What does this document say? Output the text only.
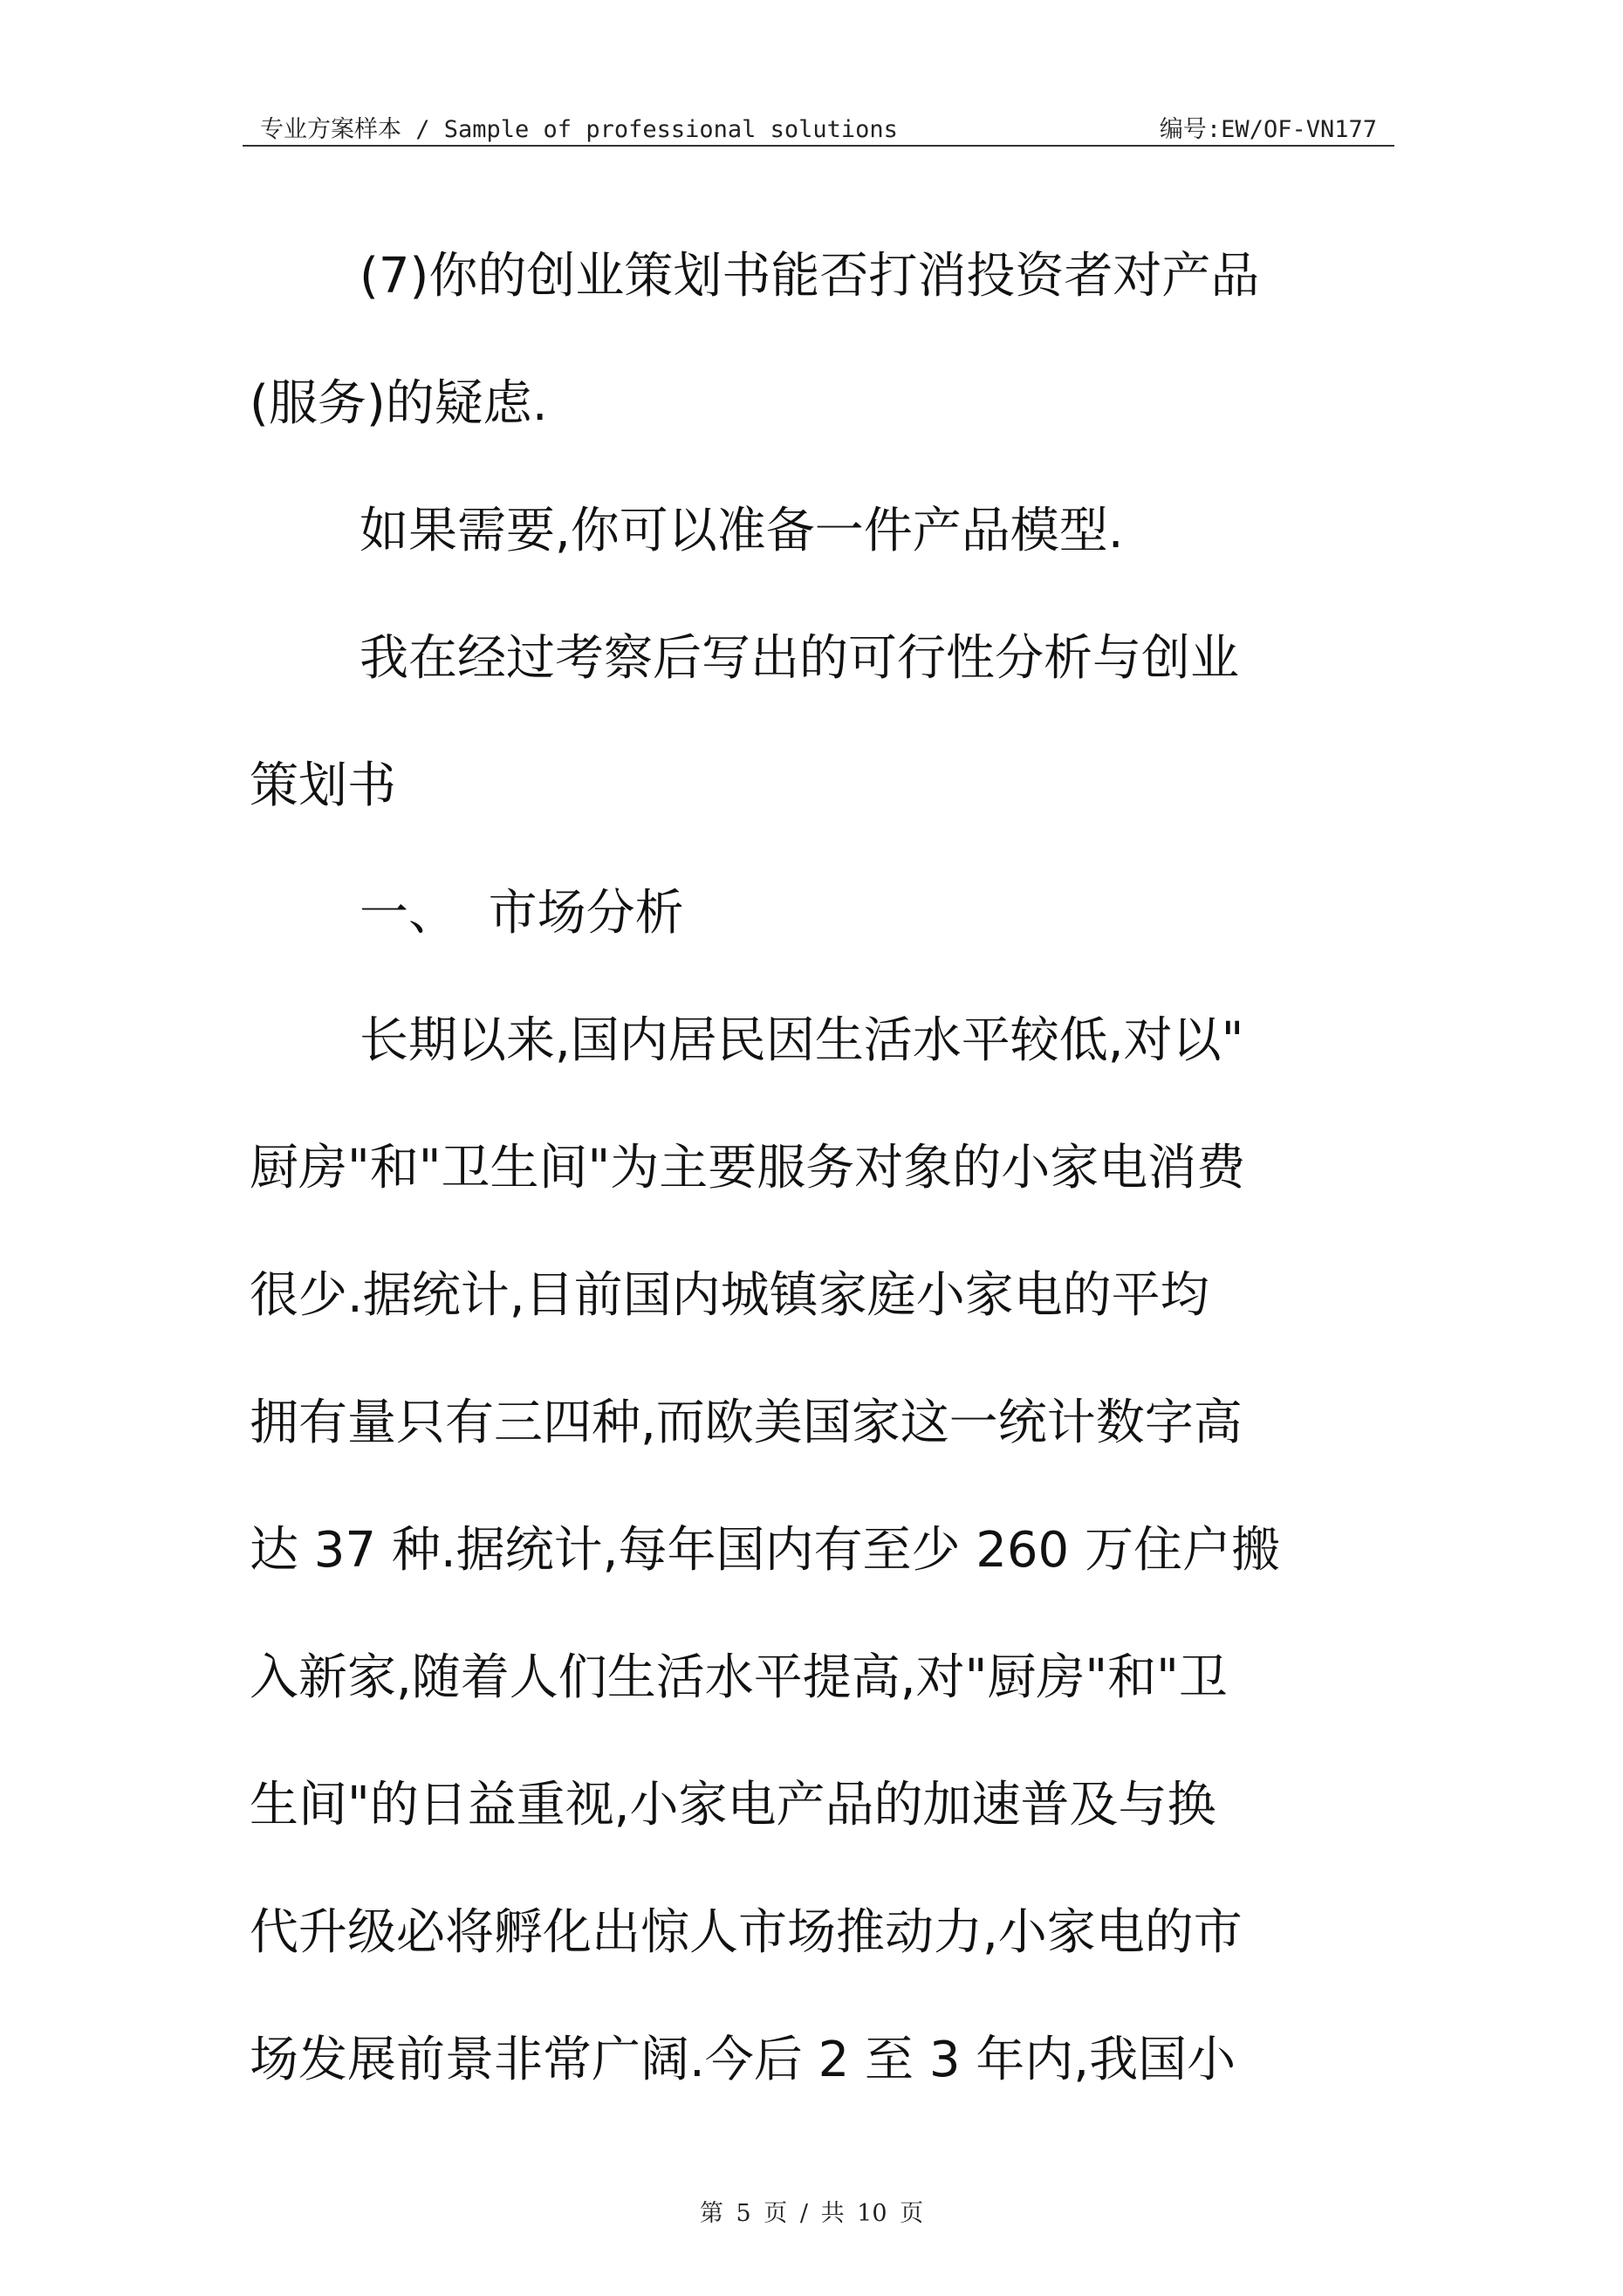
专业方案样本 / Sample of professional solutions	编号:EW/OF-VN177
(7)你的创业策划书能否打消投资者对产品
(服务)的疑虑.
如果需要,你可以准备一件产品模型.
我在经过考察后写出的可行性分析与创业
策划书
一、  市场分析
长期以来,国内居民因生活水平较低,对以"
厨房"和"卫生间"为主要服务对象的小家电消费
很少.据统计,目前国内城镇家庭小家电的平均
拥有量只有三四种,而欧美国家这一统计数字高
达 37 种.据统计,每年国内有至少 260 万住户搬
入新家,随着人们生活水平提高,对"厨房"和"卫
生间"的日益重视,小家电产品的加速普及与换
代升级必将孵化出惊人市场推动力,小家电的市
场发展前景非常广阔.今后 2 至 3 年内,我国小
第 5 页 / 共 10 页
